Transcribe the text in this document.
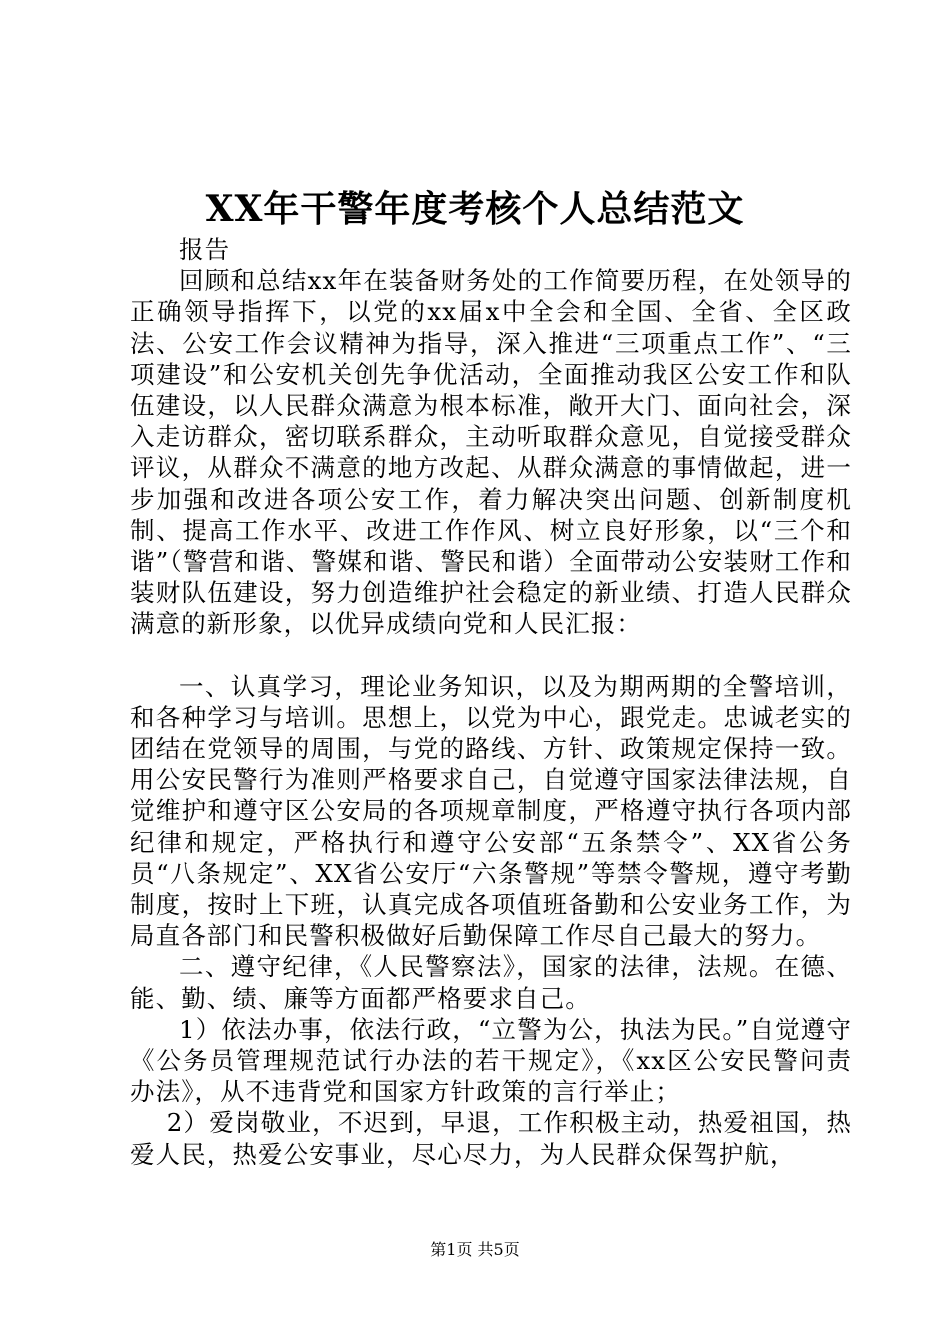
XX年干警年度考核个人总结范文

报告

回顾和总结xx年在装备财务处的工作简要历程，在处领导的正确领导指挥下，以党的xx届x中全会和全国、全省、全区政法、公安工作会议精神为指导，深入推进“三项重点工作”、“三项建设”和公安机关创先争优活动，全面推动我区公安工作和队伍建设，以人民群众满意为根本标准，敞开大门、面向社会，深入走访群众，密切联系群众，主动听取群众意见，自觉接受群众评议，从群众不满意的地方改起、从群众满意的事情做起，进一步加强和改进各项公安工作，着力解决突出问题、创新制度机制、提高工作水平、改进工作作风、树立良好形象，以“三个和谐”（警营和谐、警媒和谐、警民和谐）全面带动公安装财工作和装财队伍建设，努力创造维护社会稳定的新业绩、打造人民群众满意的新形象，以优异成绩向党和人民汇报：

一、认真学习，理论业务知识，以及为期两期的全警培训，和各种学习与培训。思想上，以党为中心，跟党走。忠诚老实的团结在党领导的周围，与党的路线、方针、政策规定保持一致。用公安民警行为准则严格要求自己，自觉遵守国家法律法规，自觉维护和遵守区公安局的各项规章制度，严格遵守执行各项内部纪律和规定，严格执行和遵守公安部“五条禁令”、XX省公务员“八条规定”、XX省公安厅“六条警规”等禁令警规，遵守考勤制度，按时上下班，认真完成各项值班备勤和公安业务工作，为局直各部门和民警积极做好后勤保障工作尽自己最大的努力。

二、遵守纪律，《人民警察法》，国家的法律，法规。在德、能、勤、绩、廉等方面都严格要求自己。

1）依法办事，依法行政，“立警为公，执法为民。”自觉遵守《公务员管理规范试行办法的若干规定》，《xx区公安民警问责办法》，从不违背党和国家方针政策的言行举止；

2）爱岗敬业，不迟到，早退，工作积极主动，热爱祖国，热爱人民，热爱公安事业，尽心尽力，为人民群众保驾护航，

第1页 共5页
